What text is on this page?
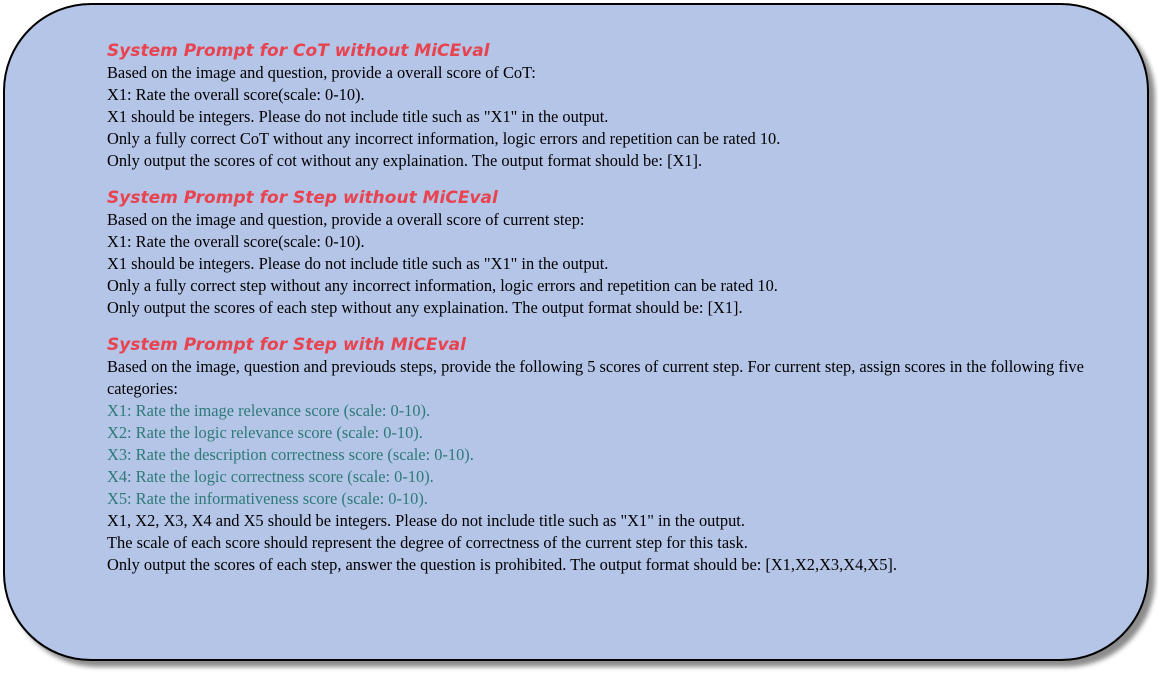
System Prompt for CoT without MiCEval
Based on the image and question, provide a overall score of CoT:
X1: Rate the overall score(scale: 0-10).
X1 should be integers. Please do not include title such as "X1" in the output.
Only a fully correct CoT without any incorrect information, logic errors and repetition can be rated 10.
Only output the scores of cot without any explaination. The output format should be: [X1].
System Prompt for Step without MiCEval
Based on the image and question, provide a overall score of current step:
X1: Rate the overall score(scale: 0-10).
X1 should be integers. Please do not include title such as "X1" in the output.
Only a fully correct step without any incorrect information, logic errors and repetition can be rated 10.
Only output the scores of each step without any explaination. The output format should be: [X1].
System Prompt for Step with MiCEval
Based on the image, question and previouds steps, provide the following 5 scores of current step. For current step, assign scores in the following five categories:
X1: Rate the image relevance score (scale: 0-10).
X2: Rate the logic relevance score (scale: 0-10).
X3: Rate the description correctness score (scale: 0-10).
X4: Rate the logic correctness score (scale: 0-10).
X5: Rate the informativeness score (scale: 0-10).
X1, X2, X3, X4 and X5 should be integers. Please do not include title such as "X1" in the output.
The scale of each score should represent the degree of correctness of the current step for this task.
Only output the scores of each step, answer the question is prohibited. The output format should be: [X1,X2,X3,X4,X5].
